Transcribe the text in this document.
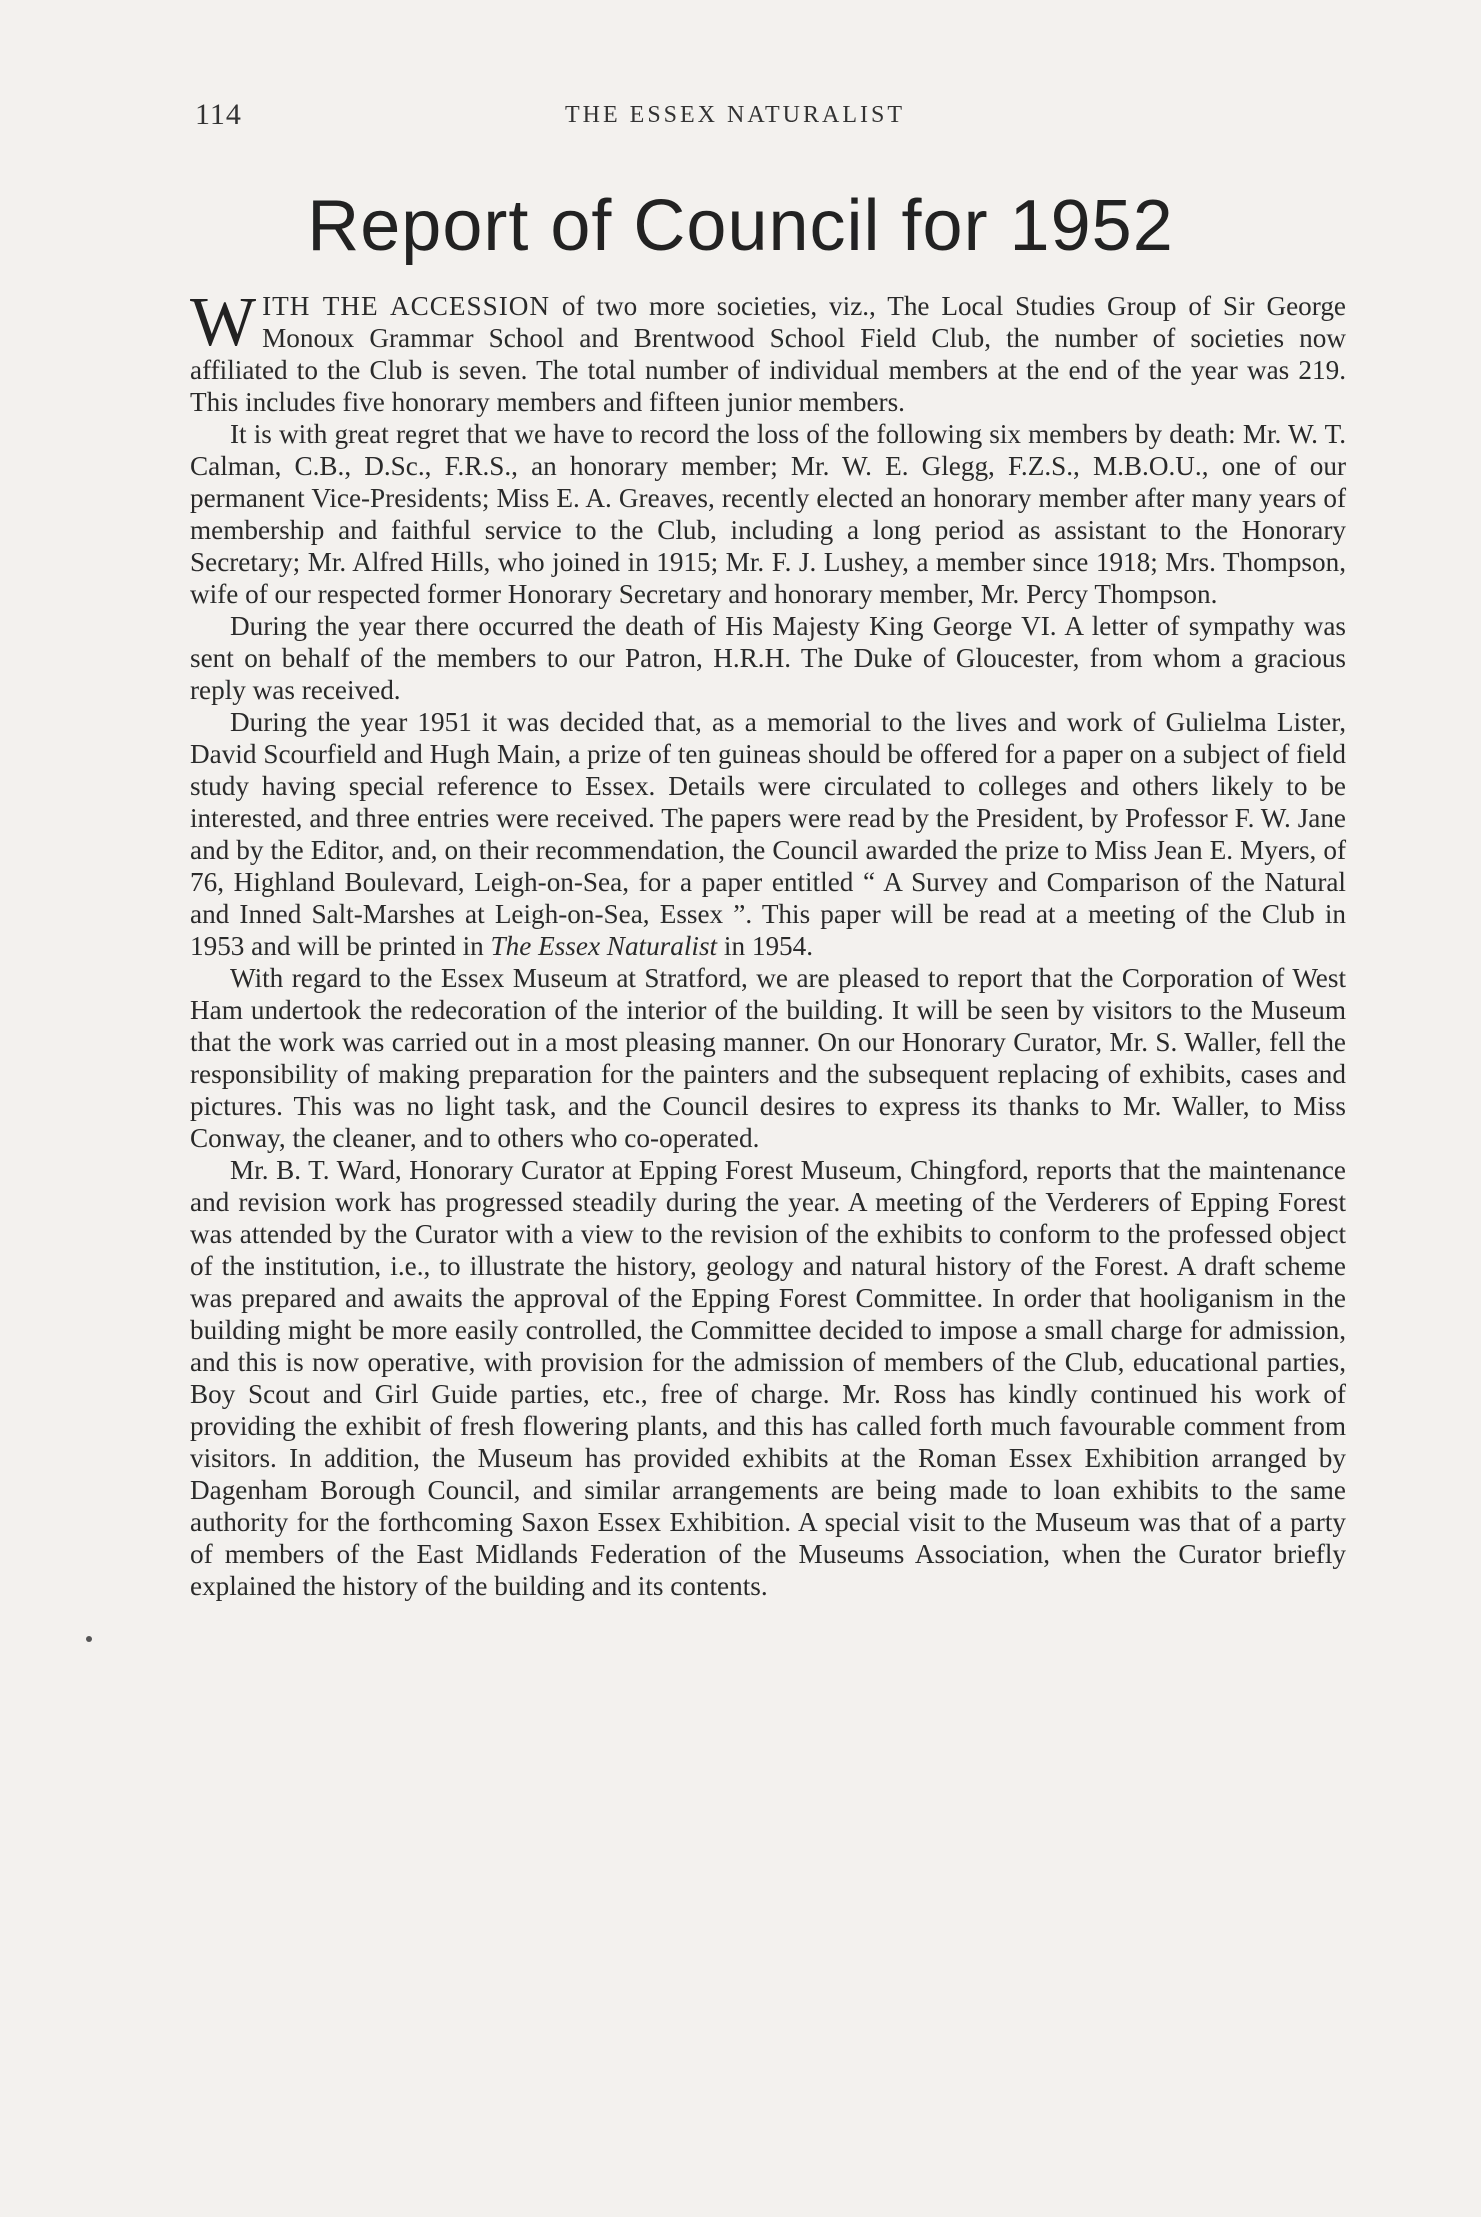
114	THE ESSEX NATURALIST
Report of Council for 1952

WITH THE ACCESSION of two more societies, viz., The Local Studies Group of Sir George Monoux Grammar School and Brentwood School Field Club, the number of societies now affiliated to the Club is seven. The total number of individual members at the end of the year was 219. This includes five honorary members and fifteen junior members.

It is with great regret that we have to record the loss of the following six members by death: Mr. W. T. Calman, C.B., D.Sc., F.R.S., an honorary member; Mr. W. E. Glegg, F.Z.S., M.B.O.U., one of our permanent Vice-Presidents; Miss E. A. Greaves, recently elected an honorary member after many years of membership and faithful service to the Club, including a long period as assistant to the Honorary Secretary; Mr. Alfred Hills, who joined in 1915; Mr. F. J. Lushey, a member since 1918; Mrs. Thompson, wife of our respected former Honorary Secretary and honorary member, Mr. Percy Thompson.

During the year there occurred the death of His Majesty King George VI. A letter of sympathy was sent on behalf of the members to our Patron, H.R.H. The Duke of Gloucester, from whom a gracious reply was received.

During the year 1951 it was decided that, as a memorial to the lives and work of Gulielma Lister, David Scourfield and Hugh Main, a prize of ten guineas should be offered for a paper on a subject of field study having special reference to Essex. Details were circulated to colleges and others likely to be interested, and three entries were received. The papers were read by the President, by Professor F. W. Jane and by the Editor, and, on their recommendation, the Council awarded the prize to Miss Jean E. Myers, of 76, Highland Boulevard, Leigh-on-Sea, for a paper entitled “ A Survey and Comparison of the Natural and Inned Salt-Marshes at Leigh-on-Sea, Essex ”. This paper will be read at a meeting of the Club in 1953 and will be printed in The Essex Naturalist in 1954.

With regard to the Essex Museum at Stratford, we are pleased to report that the Corporation of West Ham undertook the redecoration of the interior of the building. It will be seen by visitors to the Museum that the work was carried out in a most pleasing manner. On our Honorary Curator, Mr. S. Waller, fell the responsibility of making preparation for the painters and the subsequent replacing of exhibits, cases and pictures. This was no light task, and the Council desires to express its thanks to Mr. Waller, to Miss Conway, the cleaner, and to others who co-operated.

Mr. B. T. Ward, Honorary Curator at Epping Forest Museum, Chingford, reports that the maintenance and revision work has progressed steadily during the year. A meeting of the Verderers of Epping Forest was attended by the Curator with a view to the revision of the exhibits to conform to the professed object of the institution, i.e., to illustrate the history, geology and natural history of the Forest. A draft scheme was prepared and awaits the approval of the Epping Forest Committee. In order that hooliganism in the building might be more easily controlled, the Committee decided to impose a small charge for admission, and this is now operative, with provision for the admission of members of the Club, educational parties, Boy Scout and Girl Guide parties, etc., free of charge. Mr. Ross has kindly continued his work of providing the exhibit of fresh flowering plants, and this has called forth much favourable comment from visitors. In addition, the Museum has provided exhibits at the Roman Essex Exhibition arranged by Dagenham Borough Council, and similar arrangements are being made to loan exhibits to the same authority for the forthcoming Saxon Essex Exhibition. A special visit to the Museum was that of a party of members of the East Midlands Federation of the Museums Association, when the Curator briefly explained the history of the building and its contents.
